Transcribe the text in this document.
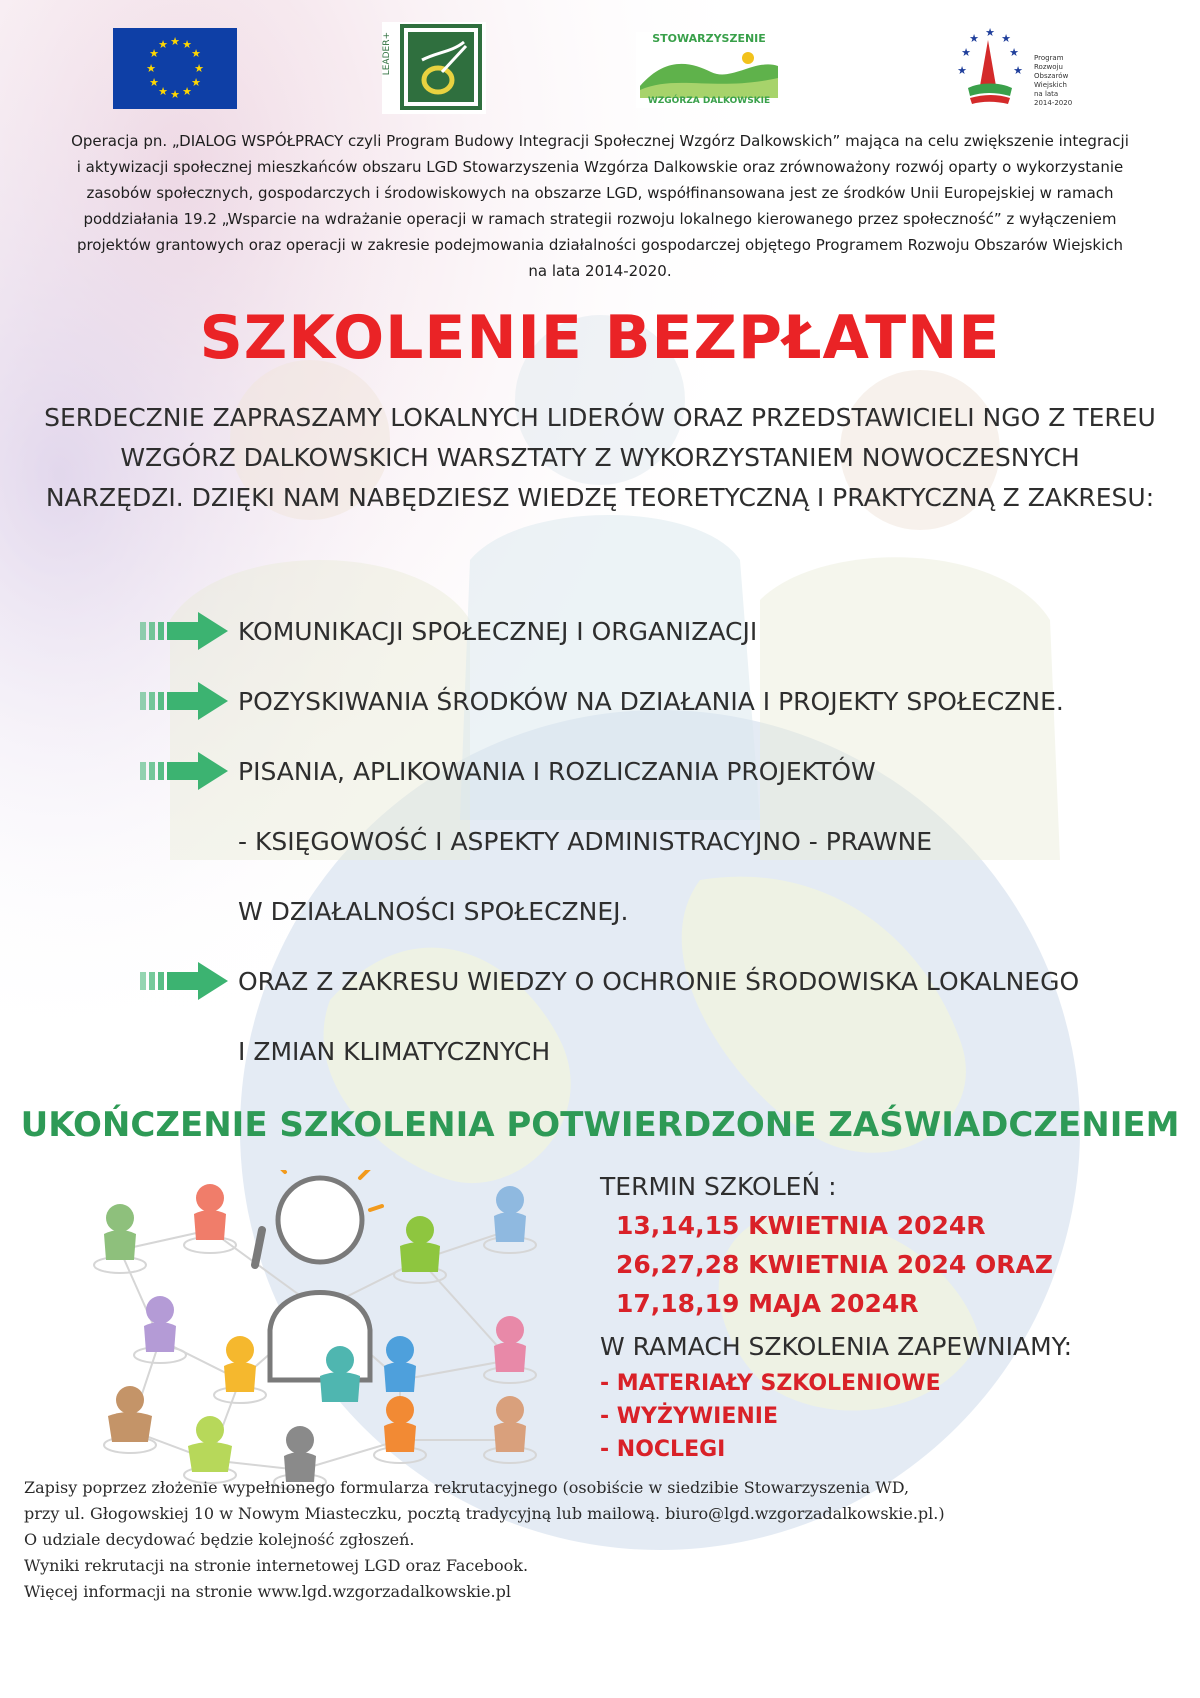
★ ★
★
★
★
★
★
★
★
★
★
★	LEADER+	STOWARZYSZENIE
WZGÓRZA DALKOWSKIE
★
★ ★ ★
★
★	★
Program
Rozwoju
Obszarów
Wiejskich
na lata 2014-2020
Operacja pn. „DIALOG WSPÓŁPRACY czyli Program Budowy Integracji Społecznej Wzgórz Dalkowskich” mająca na celu zwiększenie integracji
i aktywizacji społecznej mieszkańców obszaru LGD Stowarzyszenia Wzgórza Dalkowskie oraz zrównoważony rozwój oparty o wykorzystanie
zasobów społecznych, gospodarczych i środowiskowych na obszarze LGD, współfinansowana jest ze środków Unii Europejskiej w ramach
poddziałania 19.2 „Wsparcie na wdrażanie operacji w ramach strategii rozwoju lokalnego kierowanego przez społeczność” z wyłączeniem
projektów grantowych oraz operacji w zakresie podejmowania działalności gospodarczej objętego Programem Rozwoju Obszarów Wiejskich
na lata 2014-2020.
SZKOLENIE BEZPŁATNE
SERDECZNIE ZAPRASZAMY LOKALNYCH LIDERÓW ORAZ PRZEDSTAWICIELI NGO Z TEREU
WZGÓRZ DALKOWSKICH WARSZTATY Z WYKORZYSTANIEM NOWOCZESNYCH
NARZĘDZI. DZIĘKI NAM NABĘDZIESZ WIEDZĘ TEORETYCZNĄ I PRAKTYCZNĄ Z ZAKRESU:
KOMUNIKACJI SPOŁECZNEJ I ORGANIZACJI
POZYSKIWANIA ŚRODKÓW NA DZIAŁANIA I PROJEKTY SPOŁECZNE.
PISANIA, APLIKOWANIA I ROZLICZANIA PROJEKTÓW
- KSIĘGOWOŚĆ I ASPEKTY ADMINISTRACYJNO - PRAWNE
W DZIAŁALNOŚCI SPOŁECZNEJ.
ORAZ Z ZAKRESU WIEDZY O OCHRONIE ŚRODOWISKA LOKALNEGO
I ZMIAN KLIMATYCZNYCH
UKOŃCZENIE SZKOLENIA POTWIERDZONE ZAŚWIADCZENIEM
TERMIN SZKOLEŃ :
13,14,15 KWIETNIA 2024R
26,27,28 KWIETNIA 2024 ORAZ
17,18,19 MAJA 2024R
W RAMACH SZKOLENIA ZAPEWNIAMY:
- MATERIAŁY SZKOLENIOWE
- WYŻYWIENIE
- NOCLEGI
Zapisy poprzez złożenie wypełnionego formularza rekrutacyjnego (osobiście w siedzibie Stowarzyszenia WD,
przy ul. Głogowskiej 10 w Nowym Miasteczku, pocztą tradycyjną lub mailową. biuro@lgd.wzgorzadalkowskie.pl.)
O udziale decydować będzie kolejność zgłoszeń.
Wyniki rekrutacji na stronie internetowej LGD oraz Facebook.
Więcej informacji na stronie www.lgd.wzgorzadalkowskie.pl
